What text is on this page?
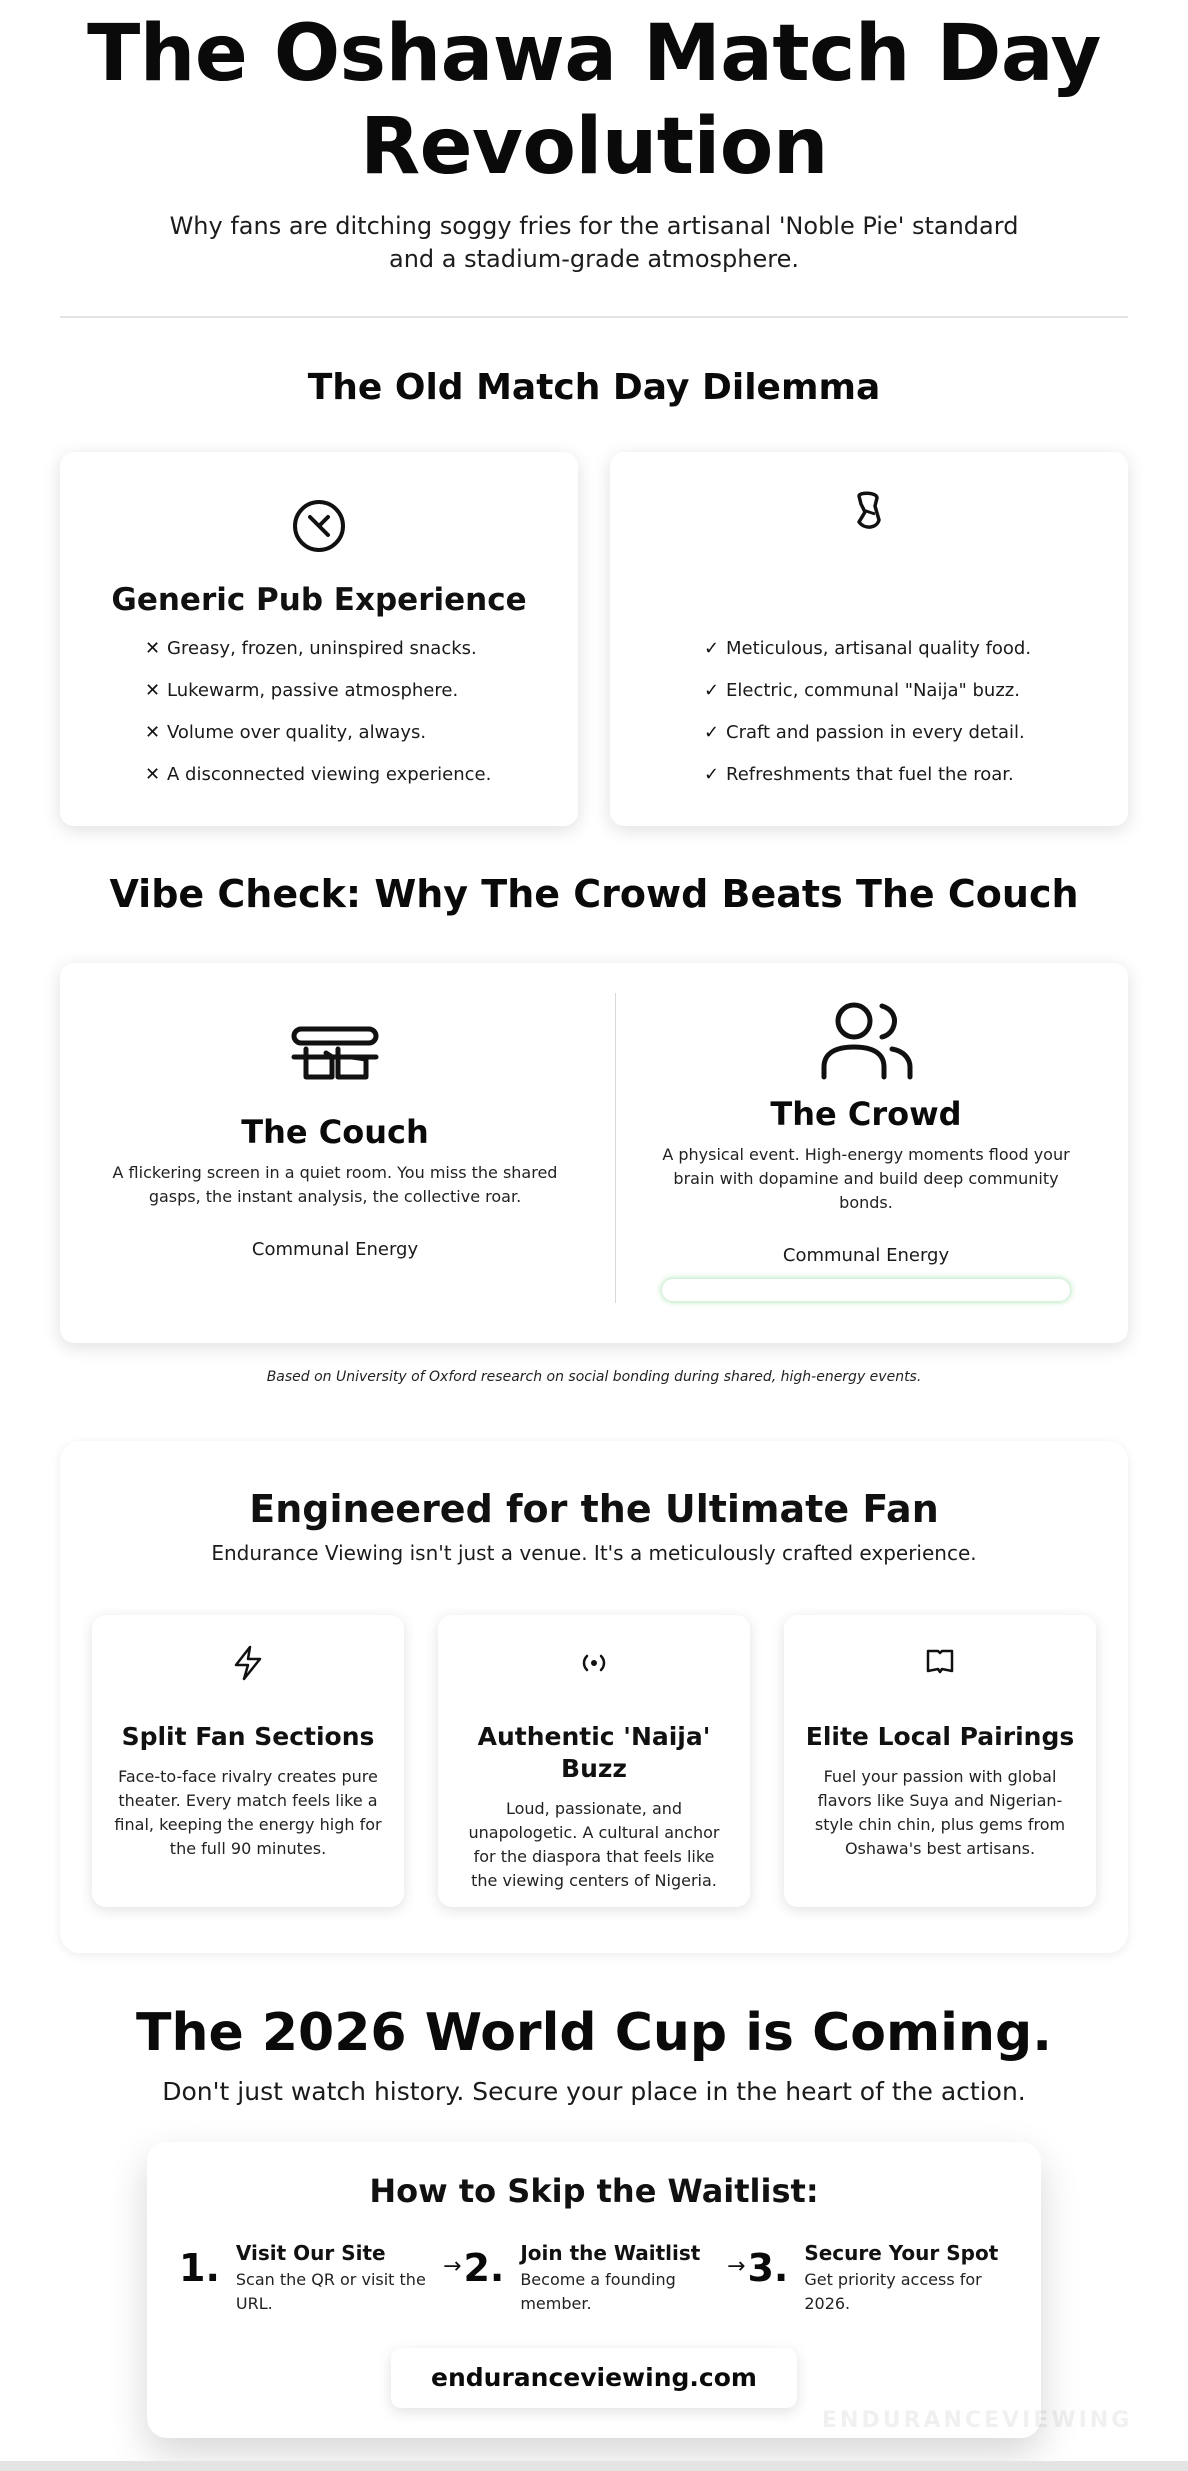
The Oshawa Match Day Revolution

Why fans are ditching soggy fries for the artisanal 'Noble Pie' standard and a stadium-grade atmosphere.

The Old Match Day Dilemma
Generic Pub Experience
✕ Greasy, frozen, uninspired snacks.
✕ Lukewarm, passive atmosphere.
✕ Volume over quality, always.
✕ A disconnected viewing experience.
✓ Meticulous, artisanal quality food.
✓ Electric, communal "Naija" buzz.
✓ Craft and passion in every detail.
✓ Refreshments that fuel the roar.
Vibe Check: Why The Crowd Beats The Couch
The Couch

A flickering screen in a quiet room. You miss the shared gasps, the instant analysis, the collective roar.

Communal Energy
The Crowd

A physical event. High-energy moments flood your brain with dopamine and build deep community bonds.

Communal Energy

Based on University of Oxford research on social bonding during shared, high-energy events.

Engineered for the Ultimate Fan

Endurance Viewing isn't just a venue. It's a meticulously crafted experience.

Split Fan Sections

Face-to-face rivalry creates pure theater. Every match feels like a final, keeping the energy high for the full 90 minutes.

Authentic 'Naija' Buzz

Loud, passionate, and unapologetic. A cultural anchor for the diaspora that feels like the viewing centers of Nigeria.

Elite Local Pairings

Fuel your passion with global flavors like Suya and Nigerian-style chin chin, plus gems from Oshawa's best artisans.

The 2026 World Cup is Coming.

Don't just watch history. Secure your place in the heart of the action.

How to Skip the Waitlist:
1. Visit Our Site
Scan the QR or visit the URL.
→ 2. Join the Waitlist
Become a founding member.
→ 3. Secure Your Spot
Get priority access for 2026.
enduranceviewing.com
ENDURANCEVIEWING
